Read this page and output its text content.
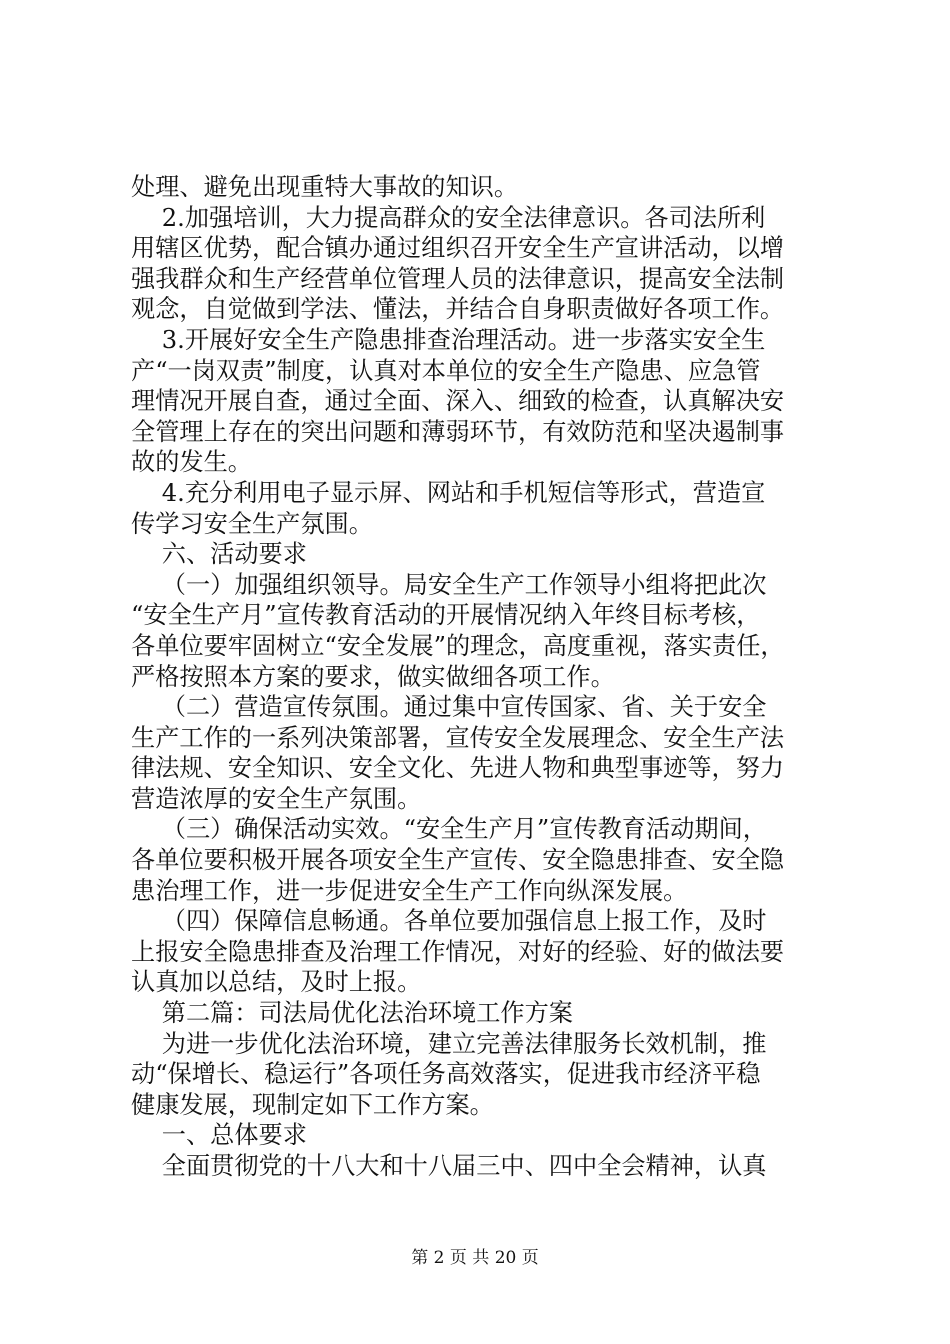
处理、避免出现重特大事故的知识。
2.加强培训，大力提高群众的安全法律意识。各司法所利
用辖区优势，配合镇办通过组织召开安全生产宣讲活动，以增
强我群众和生产经营单位管理人员的法律意识，提高安全法制
观念，自觉做到学法、懂法，并结合自身职责做好各项工作。
3.开展好安全生产隐患排查治理活动。进一步落实安全生
产“一岗双责”制度，认真对本单位的安全生产隐患、应急管
理情况开展自查，通过全面、深入、细致的检查，认真解决安
全管理上存在的突出问题和薄弱环节，有效防范和坚决遏制事
故的发生。
4.充分利用电子显示屏、网站和手机短信等形式，营造宣
传学习安全生产氛围。
六、活动要求
（一）加强组织领导。局安全生产工作领导小组将把此次
“安全生产月”宣传教育活动的开展情况纳入年终目标考核，
各单位要牢固树立“安全发展”的理念，高度重视，落实责任，
严格按照本方案的要求，做实做细各项工作。
（二）营造宣传氛围。通过集中宣传国家、省、关于安全
生产工作的一系列决策部署，宣传安全发展理念、安全生产法
律法规、安全知识、安全文化、先进人物和典型事迹等，努力
营造浓厚的安全生产氛围。
（三）确保活动实效。“安全生产月”宣传教育活动期间，
各单位要积极开展各项安全生产宣传、安全隐患排查、安全隐
患治理工作，进一步促进安全生产工作向纵深发展。
（四）保障信息畅通。各单位要加强信息上报工作，及时
上报安全隐患排查及治理工作情况，对好的经验、好的做法要
认真加以总结，及时上报。
第二篇：司法局优化法治环境工作方案
为进一步优化法治环境，建立完善法律服务长效机制，推
动“保增长、稳运行”各项任务高效落实，促进我市经济平稳
健康发展，现制定如下工作方案。
一、总体要求
全面贯彻党的十八大和十八届三中、四中全会精神，认真
第 2 页 共 20 页
